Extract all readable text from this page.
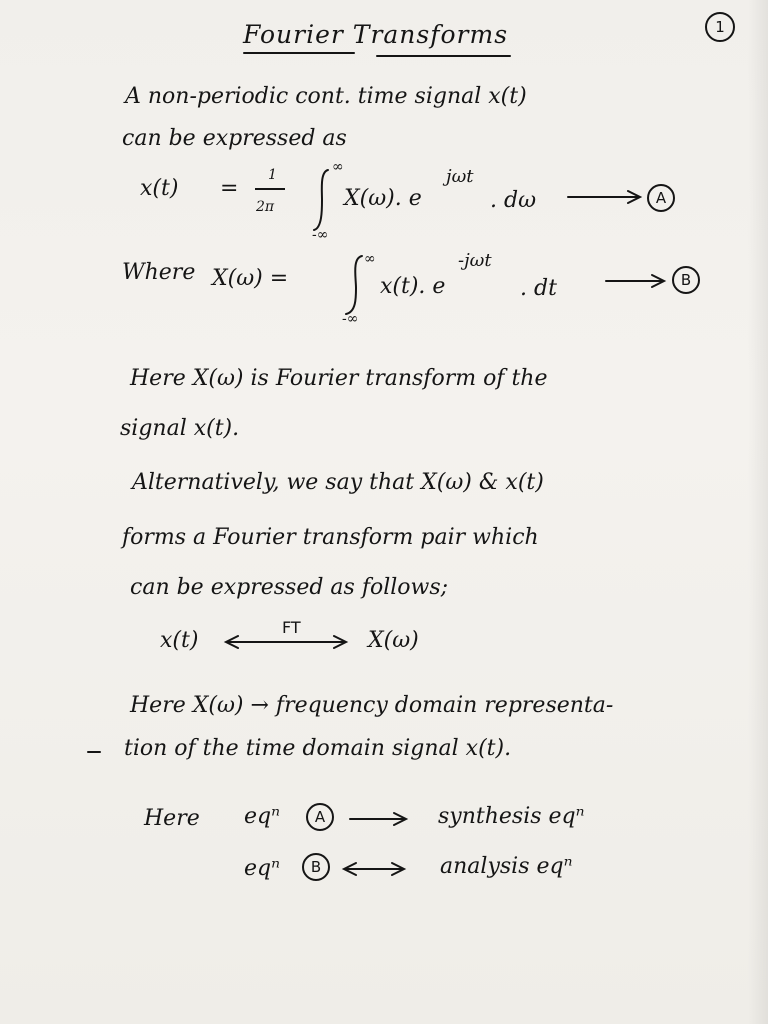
Fourier Transforms	1
A non-periodic cont. time signal x(t)
can be expressed as
x(t) =
1
2π
∞
-∞
X(ω). e
jωt
. dω	A
Where X(ω) =
∞
-∞
x(t). e
-jωt
. dt	B
Here X(ω) is Fourier transform of the
signal x(t).
Alternatively, we say that X(ω) & x(t)
forms a Fourier transform pair which
can be expressed as follows;
x(t)
FT
X(ω)
Here X(ω) → frequency domain representa-
tion of the time domain signal x(t).
Here eqⁿ	A	synthesis eqⁿ
eqⁿ	B	analysis eqⁿ
